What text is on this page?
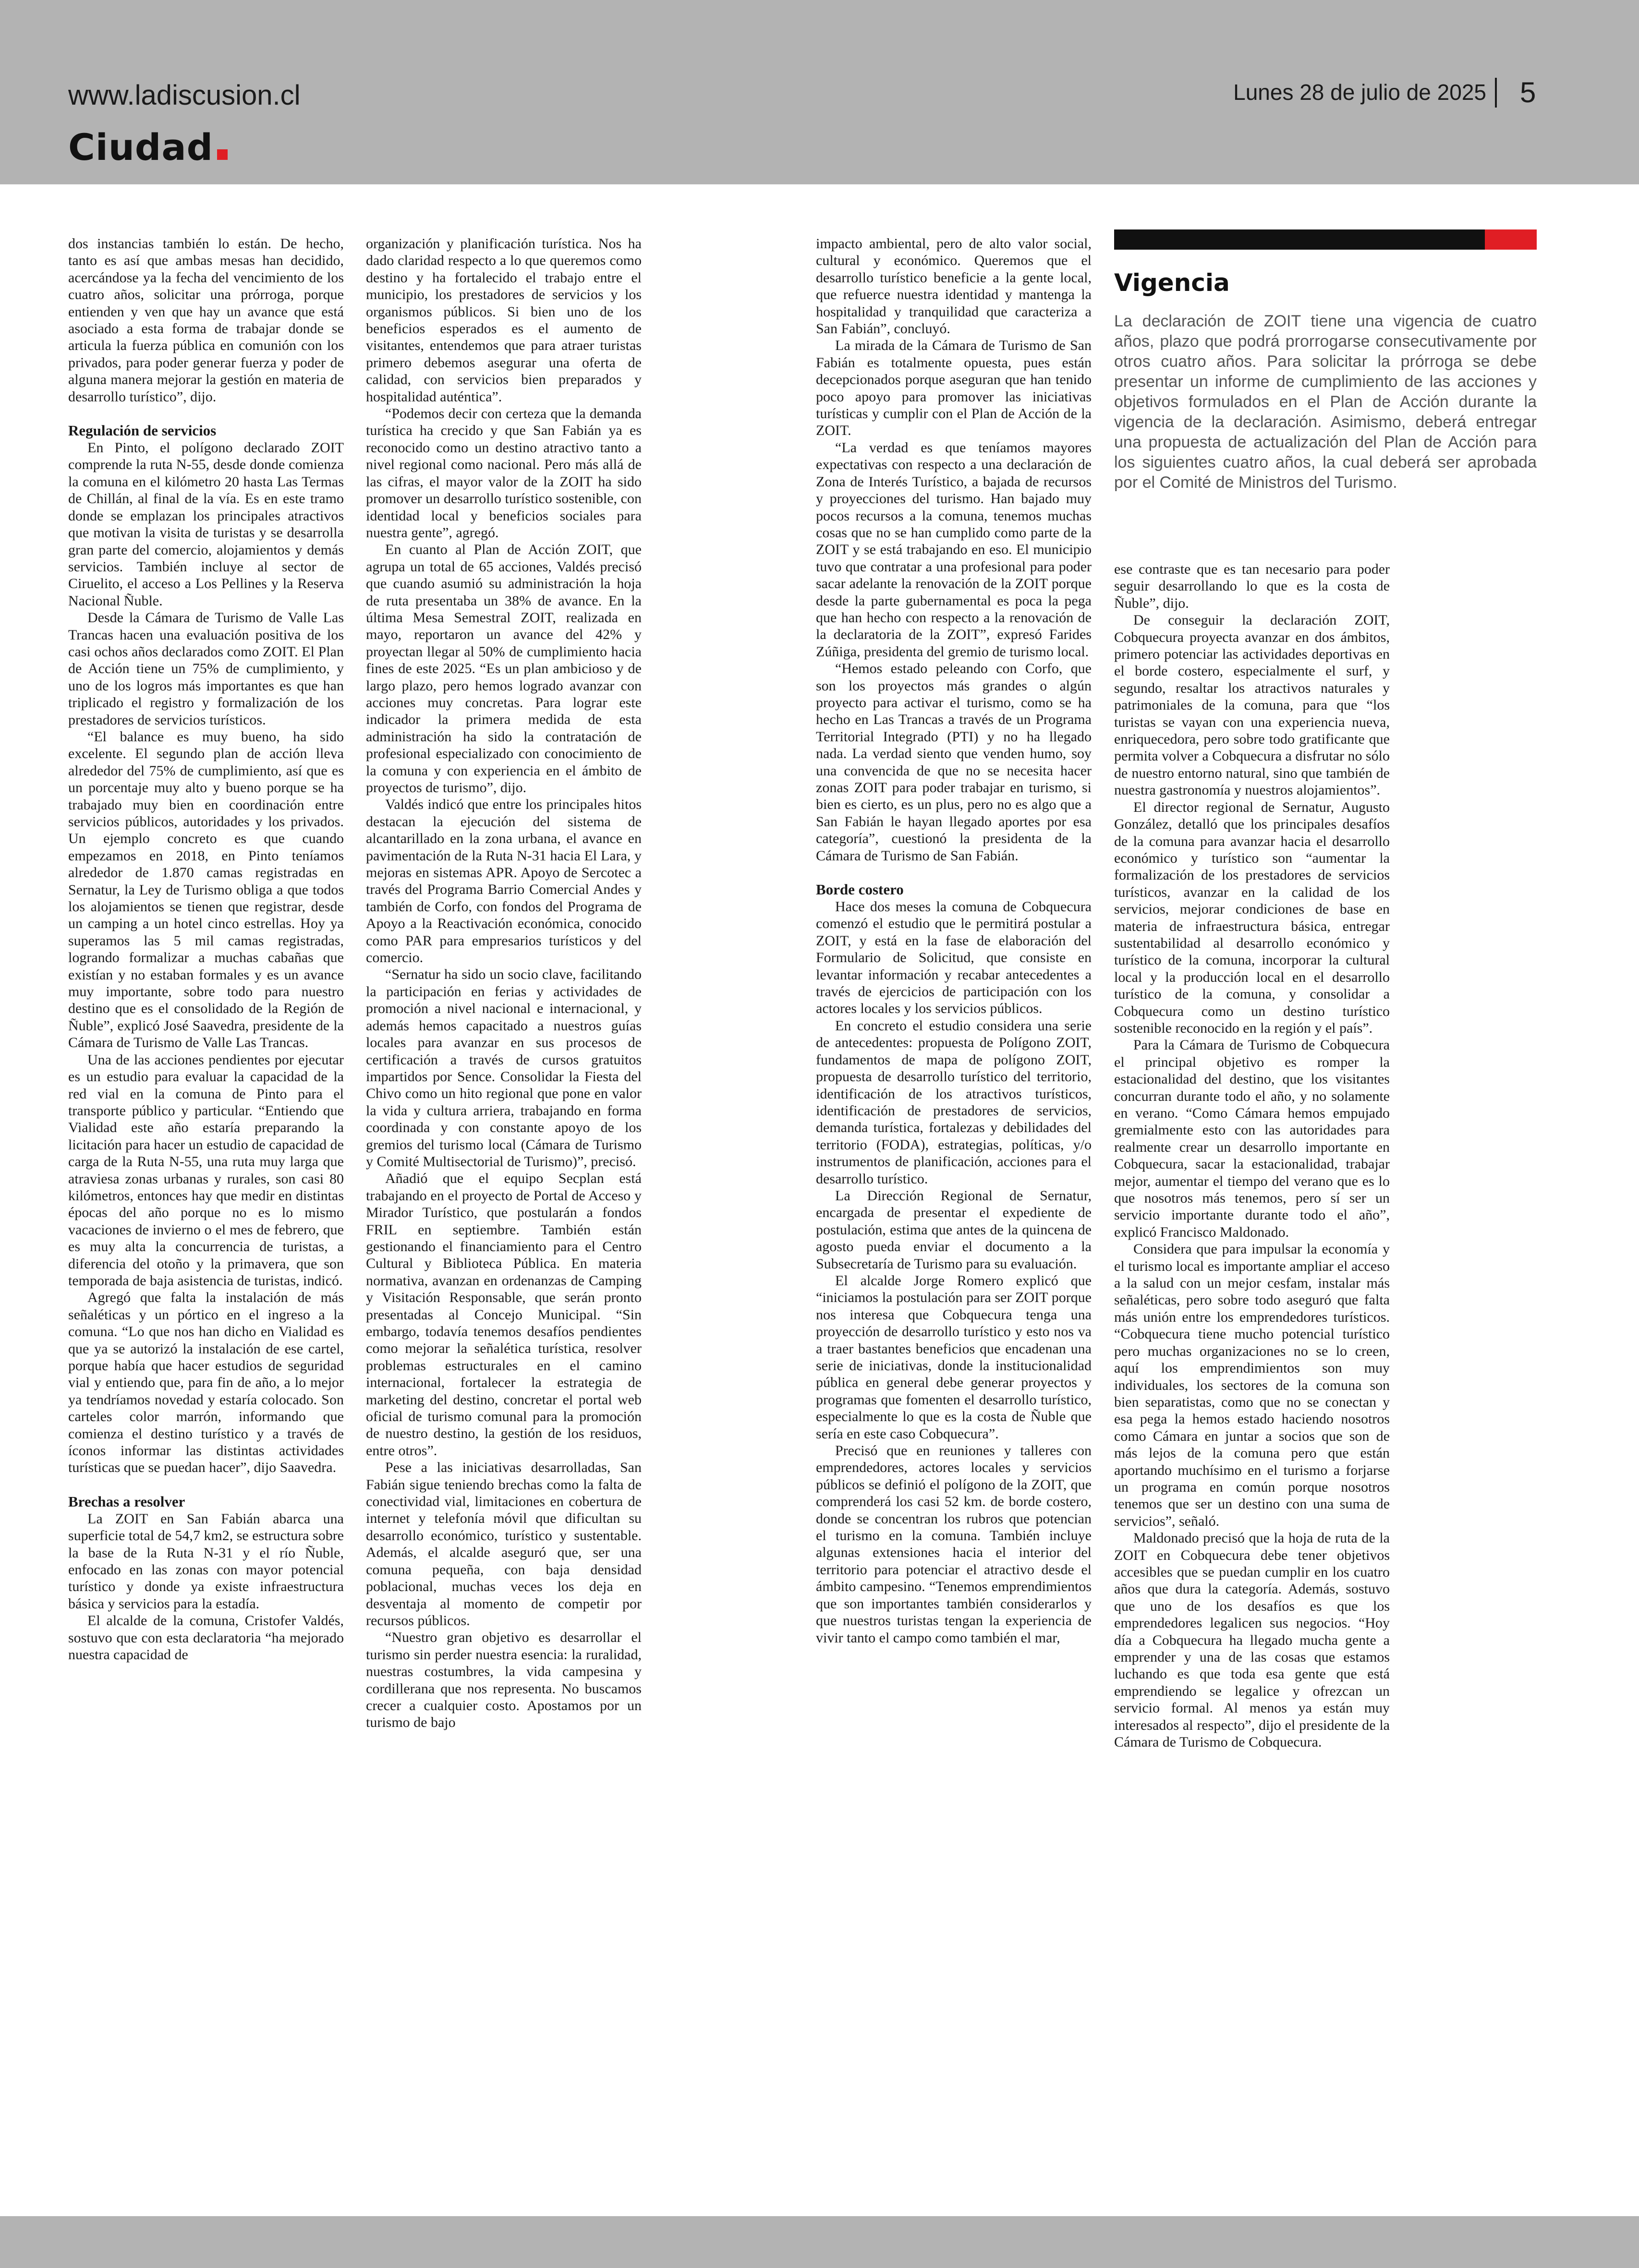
www.ladiscusion.cl
Ciudad
Lunes 28 de julio de 2025 5

dos instancias también lo están. De hecho, tanto es así que ambas mesas han decidido, acercándose ya la fecha del vencimiento de los cuatro años, solicitar una prórroga, porque entienden y ven que hay un avance que está asociado a esta forma de trabajar donde se articula la fuerza pública en comunión con los privados, para poder generar fuerza y poder de alguna manera mejorar la gestión en materia de desarrollo turístico”, dijo.

Regulación de servicios

En Pinto, el polígono declarado ZOIT comprende la ruta N-55, desde donde comienza la comuna en el kilómetro 20 hasta Las Termas de Chillán, al final de la vía. Es en este tramo donde se emplazan los principales atractivos que motivan la visita de turistas y se desarrolla gran parte del comercio, alojamientos y demás servicios. También incluye al sector de Ciruelito, el acceso a Los Pellines y la Reserva Nacional Ñuble.

Desde la Cámara de Turismo de Valle Las Trancas hacen una evaluación positiva de los casi ochos años declarados como ZOIT. El Plan de Acción tiene un 75% de cumplimiento, y uno de los logros más importantes es que han triplicado el registro y formalización de los prestadores de servicios turísticos.

“El balance es muy bueno, ha sido excelente. El segundo plan de acción lleva alrededor del 75% de cumplimiento, así que es un porcentaje muy alto y bueno porque se ha trabajado muy bien en coordinación entre servicios públicos, autoridades y los privados. Un ejemplo concreto es que cuando empezamos en 2018, en Pinto teníamos alrededor de 1.870 camas registradas en Sernatur, la Ley de Turismo obliga a que todos los alojamientos se tienen que registrar, desde un camping a un hotel cinco estrellas. Hoy ya superamos las 5 mil camas registradas, logrando formalizar a muchas cabañas que existían y no estaban formales y es un avance muy importante, sobre todo para nuestro destino que es el consolidado de la Región de Ñuble”, explicó José Saavedra, presidente de la Cámara de Turismo de Valle Las Trancas.

Una de las acciones pendientes por ejecutar es un estudio para evaluar la capacidad de la red vial en la comuna de Pinto para el transporte público y particular. “Entiendo que Vialidad este año estaría preparando la licitación para hacer un estudio de capacidad de carga de la Ruta N-55, una ruta muy larga que atraviesa zonas urbanas y rurales, son casi 80 kilómetros, entonces hay que medir en distintas épocas del año porque no es lo mismo vacaciones de invierno o el mes de febrero, que es muy alta la concurrencia de turistas, a diferencia del otoño y la primavera, que son temporada de baja asistencia de turistas, indicó.

Agregó que falta la instalación de más señaléticas y un pórtico en el ingreso a la comuna. “Lo que nos han dicho en Vialidad es que ya se autorizó la instalación de ese cartel, porque había que hacer estudios de seguridad vial y entiendo que, para fin de año, a lo mejor ya tendríamos novedad y estaría colocado. Son carteles color marrón, informando que comienza el destino turístico y a través de íconos informar las distintas actividades turísticas que se puedan hacer”, dijo Saavedra.

Brechas a resolver

La ZOIT en San Fabián abarca una superficie total de 54,7 km2, se estructura sobre la base de la Ruta N-31 y el río Ñuble, enfocado en las zonas con mayor potencial turístico y donde ya existe infraestructura básica y servicios para la estadía.

El alcalde de la comuna, Cristofer Valdés, sostuvo que con esta declaratoria “ha mejorado nuestra capacidad de

organización y planificación turística. Nos ha dado claridad respecto a lo que queremos como destino y ha fortalecido el trabajo entre el municipio, los prestadores de servicios y los organismos públicos. Si bien uno de los beneficios esperados es el aumento de visitantes, entendemos que para atraer turistas primero debemos asegurar una oferta de calidad, con servicios bien preparados y hospitalidad auténtica”.

“Podemos decir con certeza que la demanda turística ha crecido y que San Fabián ya es reconocido como un destino atractivo tanto a nivel regional como nacional. Pero más allá de las cifras, el mayor valor de la ZOIT ha sido promover un desarrollo turístico sostenible, con identidad local y beneficios sociales para nuestra gente”, agregó.

En cuanto al Plan de Acción ZOIT, que agrupa un total de 65 acciones, Valdés precisó que cuando asumió su administración la hoja de ruta presentaba un 38% de avance. En la última Mesa Semestral ZOIT, realizada en mayo, reportaron un avance del 42% y proyectan llegar al 50% de cumplimiento hacia fines de este 2025. “Es un plan ambicioso y de largo plazo, pero hemos logrado avanzar con acciones muy concretas. Para lograr este indicador la primera medida de esta administración ha sido la contratación de profesional especializado con conocimiento de la comuna y con experiencia en el ámbito de proyectos de turismo”, dijo.

Valdés indicó que entre los principales hitos destacan la ejecución del sistema de alcantarillado en la zona urbana, el avance en pavimentación de la Ruta N-31 hacia El Lara, y mejoras en sistemas APR. Apoyo de Sercotec a través del Programa Barrio Comercial Andes y también de Corfo, con fondos del Programa de Apoyo a la Reactivación económica, conocido como PAR para empresarios turísticos y del comercio.

“Sernatur ha sido un socio clave, facilitando la participación en ferias y actividades de promoción a nivel nacional e internacional, y además hemos capacitado a nuestros guías locales para avanzar en sus procesos de certificación a través de cursos gratuitos impartidos por Sence. Consolidar la Fiesta del Chivo como un hito regional que pone en valor la vida y cultura arriera, trabajando en forma coordinada y con constante apoyo de los gremios del turismo local (Cámara de Turismo y Comité Multisectorial de Turismo)”, precisó.

Añadió que el equipo Secplan está trabajando en el proyecto de Portal de Acceso y Mirador Turístico, que postularán a fondos FRIL en septiembre. También están gestionando el financiamiento para el Centro Cultural y Biblioteca Pública. En materia normativa, avanzan en ordenanzas de Camping y Visitación Responsable, que serán pronto presentadas al Concejo Municipal. “Sin embargo, todavía tenemos desafíos pendientes como mejorar la señalética turística, resolver problemas estructurales en el camino internacional, fortalecer la estrategia de marketing del destino, concretar el portal web oficial de turismo comunal para la promoción de nuestro destino, la gestión de los residuos, entre otros”.

Pese a las iniciativas desarrolladas, San Fabián sigue teniendo brechas como la falta de conectividad vial, limitaciones en cobertura de internet y telefonía móvil que dificultan su desarrollo económico, turístico y sustentable. Además, el alcalde aseguró que, ser una comuna pequeña, con baja densidad poblacional, muchas veces los deja en desventaja al momento de competir por recursos públicos.

“Nuestro gran objetivo es desarrollar el turismo sin perder nuestra esencia: la ruralidad, nuestras costumbres, la vida campesina y cordillerana que nos representa. No buscamos crecer a cualquier costo. Apostamos por un turismo de bajo

impacto ambiental, pero de alto valor social, cultural y económico. Queremos que el desarrollo turístico beneficie a la gente local, que refuerce nuestra identidad y mantenga la hospitalidad y tranquilidad que caracteriza a San Fabián”, concluyó.

La mirada de la Cámara de Turismo de San Fabián es totalmente opuesta, pues están decepcionados porque aseguran que han tenido poco apoyo para promover las iniciativas turísticas y cumplir con el Plan de Acción de la ZOIT.

“La verdad es que teníamos mayores expectativas con respecto a una declaración de Zona de Interés Turístico, a bajada de recursos y proyecciones del turismo. Han bajado muy pocos recursos a la comuna, tenemos muchas cosas que no se han cumplido como parte de la ZOIT y se está trabajando en eso. El municipio tuvo que contratar a una profesional para poder sacar adelante la renovación de la ZOIT porque desde la parte gubernamental es poca la pega que han hecho con respecto a la renovación de la declaratoria de la ZOIT”, expresó Farides Zúñiga, presidenta del gremio de turismo local.

“Hemos estado peleando con Corfo, que son los proyectos más grandes o algún proyecto para activar el turismo, como se ha hecho en Las Trancas a través de un Programa Territorial Integrado (PTI) y no ha llegado nada. La verdad siento que venden humo, soy una convencida de que no se necesita hacer zonas ZOIT para poder trabajar en turismo, si bien es cierto, es un plus, pero no es algo que a San Fabián le hayan llegado aportes por esa categoría”, cuestionó la presidenta de la Cámara de Turismo de San Fabián.

Borde costero

Hace dos meses la comuna de Cobquecura comenzó el estudio que le permitirá postular a ZOIT, y está en la fase de elaboración del Formulario de Solicitud, que consiste en levantar información y recabar antecedentes a través de ejercicios de participación con los actores locales y los servicios públicos.

En concreto el estudio considera una serie de antecedentes: propuesta de Polígono ZOIT, fundamentos de mapa de polígono ZOIT, propuesta de desarrollo turístico del territorio, identificación de los atractivos turísticos, identificación de prestadores de servicios, demanda turística, fortalezas y debilidades del territorio (FODA), estrategias, políticas, y/o instrumentos de planificación, acciones para el desarrollo turístico.

La Dirección Regional de Sernatur, encargada de presentar el expediente de postulación, estima que antes de la quincena de agosto pueda enviar el documento a la Subsecretaría de Turismo para su evaluación.

El alcalde Jorge Romero explicó que “iniciamos la postulación para ser ZOIT porque nos interesa que Cobquecura tenga una proyección de desarrollo turístico y esto nos va a traer bastantes beneficios que encadenan una serie de iniciativas, donde la institucionalidad pública en general debe generar proyectos y programas que fomenten el desarrollo turístico, especialmente lo que es la costa de Ñuble que sería en este caso Cobquecura”.

Precisó que en reuniones y talleres con emprendedores, actores locales y servicios públicos se definió el polígono de la ZOIT, que comprenderá los casi 52 km. de borde costero, donde se concentran los rubros que potencian el turismo en la comuna. También incluye algunas extensiones hacia el interior del territorio para potenciar el atractivo desde el ámbito campesino. “Tenemos emprendimientos que son importantes también considerarlos y que nuestros turistas tengan la experiencia de vivir tanto el campo como también el mar,

Vigencia

La declaración de ZOIT tiene una vigencia de cuatro años, plazo que podrá prorrogarse consecutivamente por otros cuatro años. Para solicitar la prórroga se debe presentar un informe de cumplimiento de las acciones y objetivos formulados en el Plan de Acción durante la vigencia de la declaración. Asimismo, deberá entregar una propuesta de actualización del Plan de Acción para los siguientes cuatro años, la cual deberá ser aprobada por el Comité de Ministros del Turismo.

ese contraste que es tan necesario para poder seguir desarrollando lo que es la costa de Ñuble”, dijo.

De conseguir la declaración ZOIT, Cobquecura proyecta avanzar en dos ámbitos, primero potenciar las actividades deportivas en el borde costero, especialmente el surf, y segundo, resaltar los atractivos naturales y patrimoniales de la comuna, para que “los turistas se vayan con una experiencia nueva, enriquecedora, pero sobre todo gratificante que permita volver a Cobquecura a disfrutar no sólo de nuestro entorno natural, sino que también de nuestra gastronomía y nuestros alojamientos”.

El director regional de Sernatur, Augusto González, detalló que los principales desafíos de la comuna para avanzar hacia el desarrollo económico y turístico son “aumentar la formalización de los prestadores de servicios turísticos, avanzar en la calidad de los servicios, mejorar condiciones de base en materia de infraestructura básica, entregar sustentabilidad al desarrollo económico y turístico de la comuna, incorporar la cultural local y la producción local en el desarrollo turístico de la comuna, y consolidar a Cobquecura como un destino turístico sostenible reconocido en la región y el país”.

Para la Cámara de Turismo de Cobquecura el principal objetivo es romper la estacionalidad del destino, que los visitantes concurran durante todo el año, y no solamente en verano. “Como Cámara hemos empujado gremialmente esto con las autoridades para realmente crear un desarrollo importante en Cobquecura, sacar la estacionalidad, trabajar mejor, aumentar el tiempo del verano que es lo que nosotros más tenemos, pero sí ser un servicio importante durante todo el año”, explicó Francisco Maldonado.

Considera que para impulsar la economía y el turismo local es importante ampliar el acceso a la salud con un mejor cesfam, instalar más señaléticas, pero sobre todo aseguró que falta más unión entre los emprendedores turísticos. “Cobquecura tiene mucho potencial turístico pero muchas organizaciones no se lo creen, aquí los emprendimientos son muy individuales, los sectores de la comuna son bien separatistas, como que no se conectan y esa pega la hemos estado haciendo nosotros como Cámara en juntar a socios que son de más lejos de la comuna pero que están aportando muchísimo en el turismo a forjarse un programa en común porque nosotros tenemos que ser un destino con una suma de servicios”, señaló.

Maldonado precisó que la hoja de ruta de la ZOIT en Cobquecura debe tener objetivos accesibles que se puedan cumplir en los cuatro años que dura la categoría. Además, sostuvo que uno de los desafíos es que los emprendedores legalicen sus negocios. “Hoy día a Cobquecura ha llegado mucha gente a emprender y una de las cosas que estamos luchando es que toda esa gente que está emprendiendo se legalice y ofrezcan un servicio formal. Al menos ya están muy interesados al respecto”, dijo el presidente de la Cámara de Turismo de Cobquecura.
